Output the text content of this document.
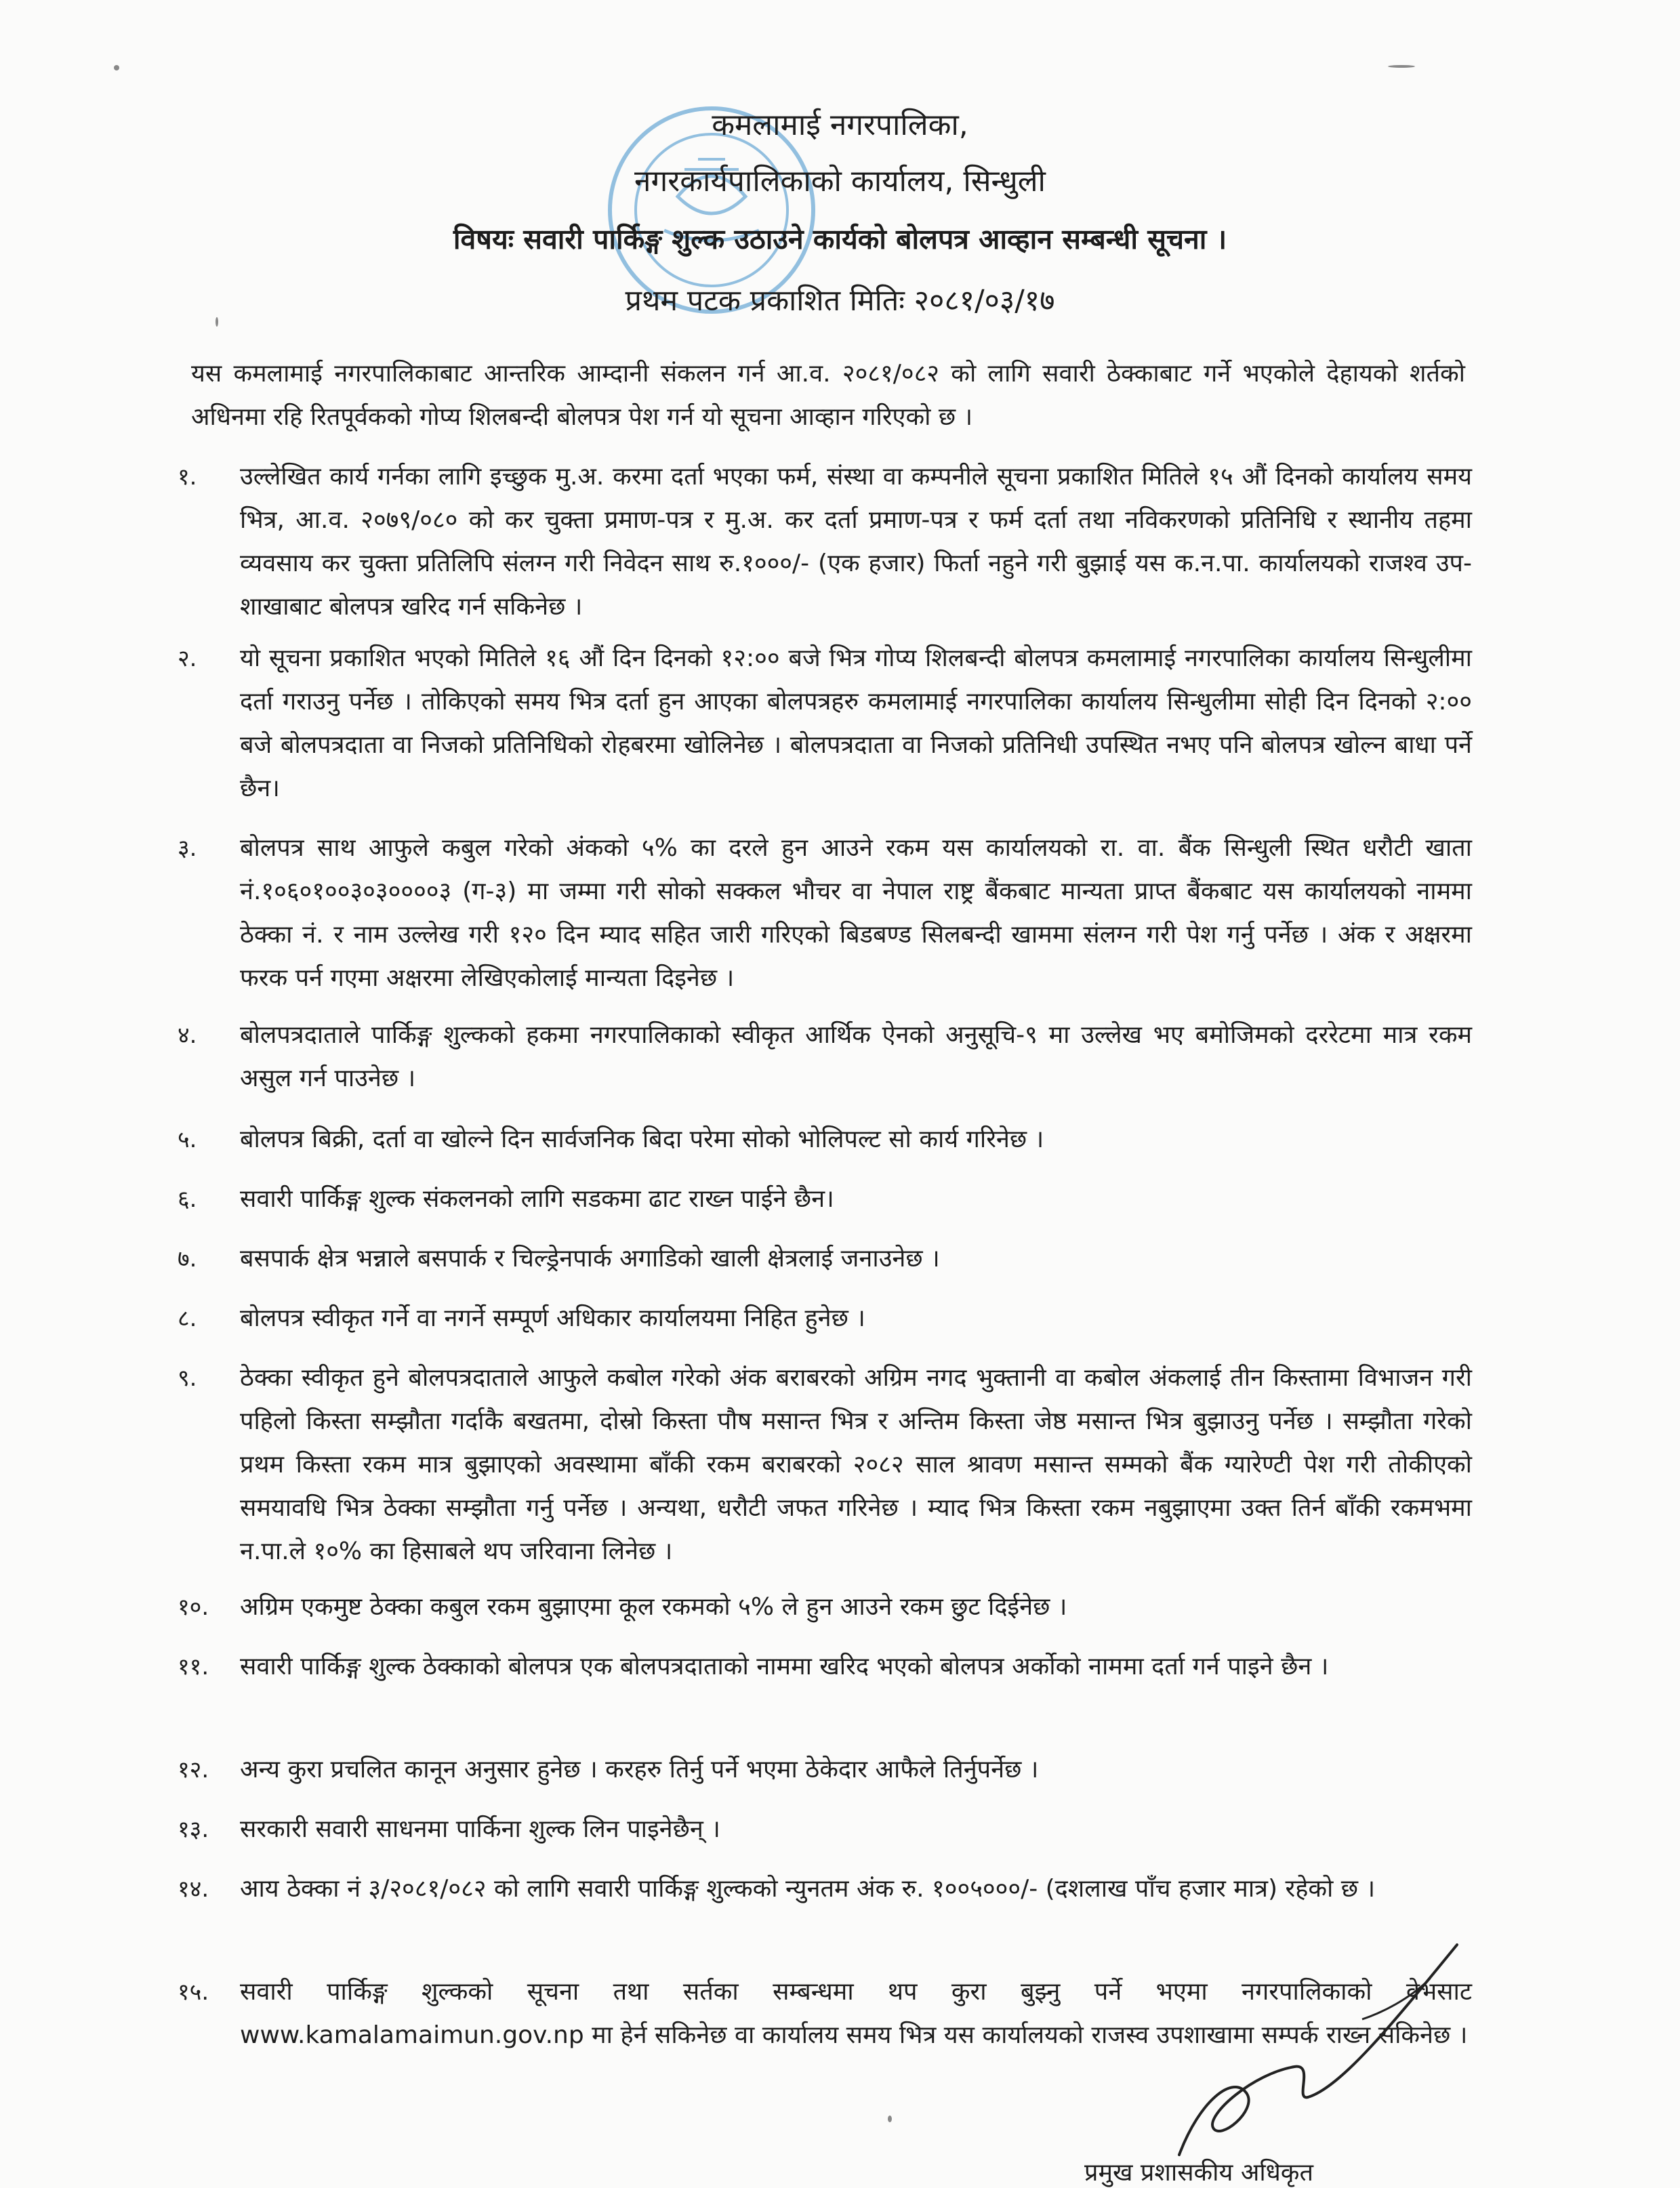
कमलामाई नगरपालिका,
नगरकार्यपालिकाको कार्यालय, सिन्धुली
विषयः सवारी पार्किङ्ग शुल्क उठाउने कार्यको बोलपत्र आव्हान सम्बन्धी सूचना ।
प्रथम पटक प्रकाशित मितिः २०८१/०३/१७
यस कमलामाई नगरपालिकाबाट आन्तरिक आम्दानी संकलन गर्न आ.व. २०८१/०८२ को लागि सवारी ठेक्काबाट गर्ने भएकोले देहायको शर्तको अधिनमा रहि रितपूर्वकको गोप्य शिलबन्दी बोलपत्र पेश गर्न यो सूचना आव्हान गरिएको छ ।
१.	उल्लेखित कार्य गर्नका लागि इच्छुक मु.अ. करमा दर्ता भएका फर्म, संस्था वा कम्पनीले सूचना प्रकाशित मितिले १५ औं दिनको कार्यालय समय भित्र, आ.व. २०७९/०८० को कर चुक्ता प्रमाण-पत्र र मु.अ. कर दर्ता प्रमाण-पत्र र फर्म दर्ता तथा नविकरणको प्रतिनिधि र स्थानीय तहमा व्यवसाय कर चुक्ता प्रतिलिपि संलग्न गरी निवेदन साथ रु.१०००/- (एक हजार) फिर्ता नहुने गरी बुझाई यस क.न.पा. कार्यालयको राजश्व उप-शाखाबाट बोलपत्र खरिद गर्न सकिनेछ ।
२.	यो सूचना प्रकाशित भएको मितिले १६ औं दिन दिनको १२:०० बजे भित्र गोप्य शिलबन्दी बोलपत्र कमलामाई नगरपालिका कार्यालय सिन्धुलीमा दर्ता गराउनु पर्नेछ । तोकिएको समय भित्र दर्ता हुन आएका बोलपत्रहरु कमलामाई नगरपालिका कार्यालय सिन्धुलीमा सोही दिन दिनको २:०० बजे बोलपत्रदाता वा निजको प्रतिनिधिको रोहबरमा खोलिनेछ । बोलपत्रदाता वा निजको प्रतिनिधी उपस्थित नभए पनि बोलपत्र खोल्न बाधा पर्ने छैन।
३.	बोलपत्र साथ आफुले कबुल गरेको अंकको ५% का दरले हुन आउने रकम यस कार्यालयको रा. वा. बैंक सिन्धुली स्थित धरौटी खाता नं.१०६०१००३०३००००३ (ग-३) मा जम्मा गरी सोको सक्कल भौचर वा नेपाल राष्ट्र बैंकबाट मान्यता प्राप्त बैंकबाट यस कार्यालयको नाममा ठेक्का नं. र नाम उल्लेख गरी १२० दिन म्याद सहित जारी गरिएको बिडबण्ड सिलबन्दी खाममा संलग्न गरी पेश गर्नु पर्नेछ । अंक र अक्षरमा फरक पर्न गएमा अक्षरमा लेखिएकोलाई मान्यता दिइनेछ ।
४.	बोलपत्रदाताले पार्किङ्ग शुल्कको हकमा नगरपालिकाको स्वीकृत आर्थिक ऐनको अनुसूचि-९ मा उल्लेख भए बमोजिमको दररेटमा मात्र रकम असुल गर्न पाउनेछ ।
५.	बोलपत्र बिक्री, दर्ता वा खोल्ने दिन सार्वजनिक बिदा परेमा सोको भोलिपल्ट सो कार्य गरिनेछ ।
६.	सवारी पार्किङ्ग शुल्क संकलनको लागि सडकमा ढाट राख्न पाईने छैन।
७.	बसपार्क क्षेत्र भन्नाले बसपार्क र चिल्ड्रेनपार्क अगाडिको खाली क्षेत्रलाई जनाउनेछ ।
८.	बोलपत्र स्वीकृत गर्ने वा नगर्ने सम्पूर्ण अधिकार कार्यालयमा निहित हुनेछ ।
९.	ठेक्का स्वीकृत हुने बोलपत्रदाताले आफुले कबोल गरेको अंक बराबरको अग्रिम नगद भुक्तानी वा कबोल अंकलाई तीन किस्तामा विभाजन गरी पहिलो किस्ता सम्झौता गर्दाकै बखतमा, दोस्रो किस्ता पौष मसान्त भित्र र अन्तिम किस्ता जेष्ठ मसान्त भित्र बुझाउनु पर्नेछ । सम्झौता गरेको प्रथम किस्ता रकम मात्र बुझाएको अवस्थामा बाँकी रकम बराबरको २०८२ साल श्रावण मसान्त सम्मको बैंक ग्यारेण्टी पेश गरी तोकीएको समयावधि भित्र ठेक्का सम्झौता गर्नु पर्नेछ । अन्यथा, धरौटी जफत गरिनेछ । म्याद भित्र किस्ता रकम नबुझाएमा उक्त तिर्न बाँकी रकमभमा न.पा.ले १०% का हिसाबले थप जरिवाना लिनेछ ।
१०.	अग्रिम एकमुष्ट ठेक्का कबुल रकम बुझाएमा कूल रकमको ५% ले हुन आउने रकम छुट दिईनेछ ।
११.	सवारी पार्किङ्ग शुल्क ठेक्काको बोलपत्र एक बोलपत्रदाताको नाममा खरिद भएको बोलपत्र अर्कोको नाममा दर्ता गर्न पाइने छैन ।
१२.	अन्य कुरा प्रचलित कानून अनुसार हुनेछ । करहरु तिर्नु पर्ने भएमा ठेकेदार आफैले तिर्नुपर्नेछ ।
१३.	सरकारी सवारी साधनमा पार्किना शुल्क लिन पाइनेछैन् ।
१४.	आय ठेक्का नं ३/२०८१/०८२ को लागि सवारी पार्किङ्ग शुल्कको न्युनतम अंक रु. १००५०००/- (दशलाख पाँच हजार मात्र) रहेको छ ।
१५.	सवारी पार्किङ्ग शुल्कको सूचना तथा सर्तका सम्बन्धमा थप कुरा बुझ्नु पर्ने भएमा नगरपालिकाको वेभसाट www.kamalamaimun.gov.np मा हेर्न सकिनेछ वा कार्यालय समय भित्र यस कार्यालयको राजस्व उपशाखामा सम्पर्क राख्न सकिनेछ ।
प्रमुख प्रशासकीय अधिकृत
